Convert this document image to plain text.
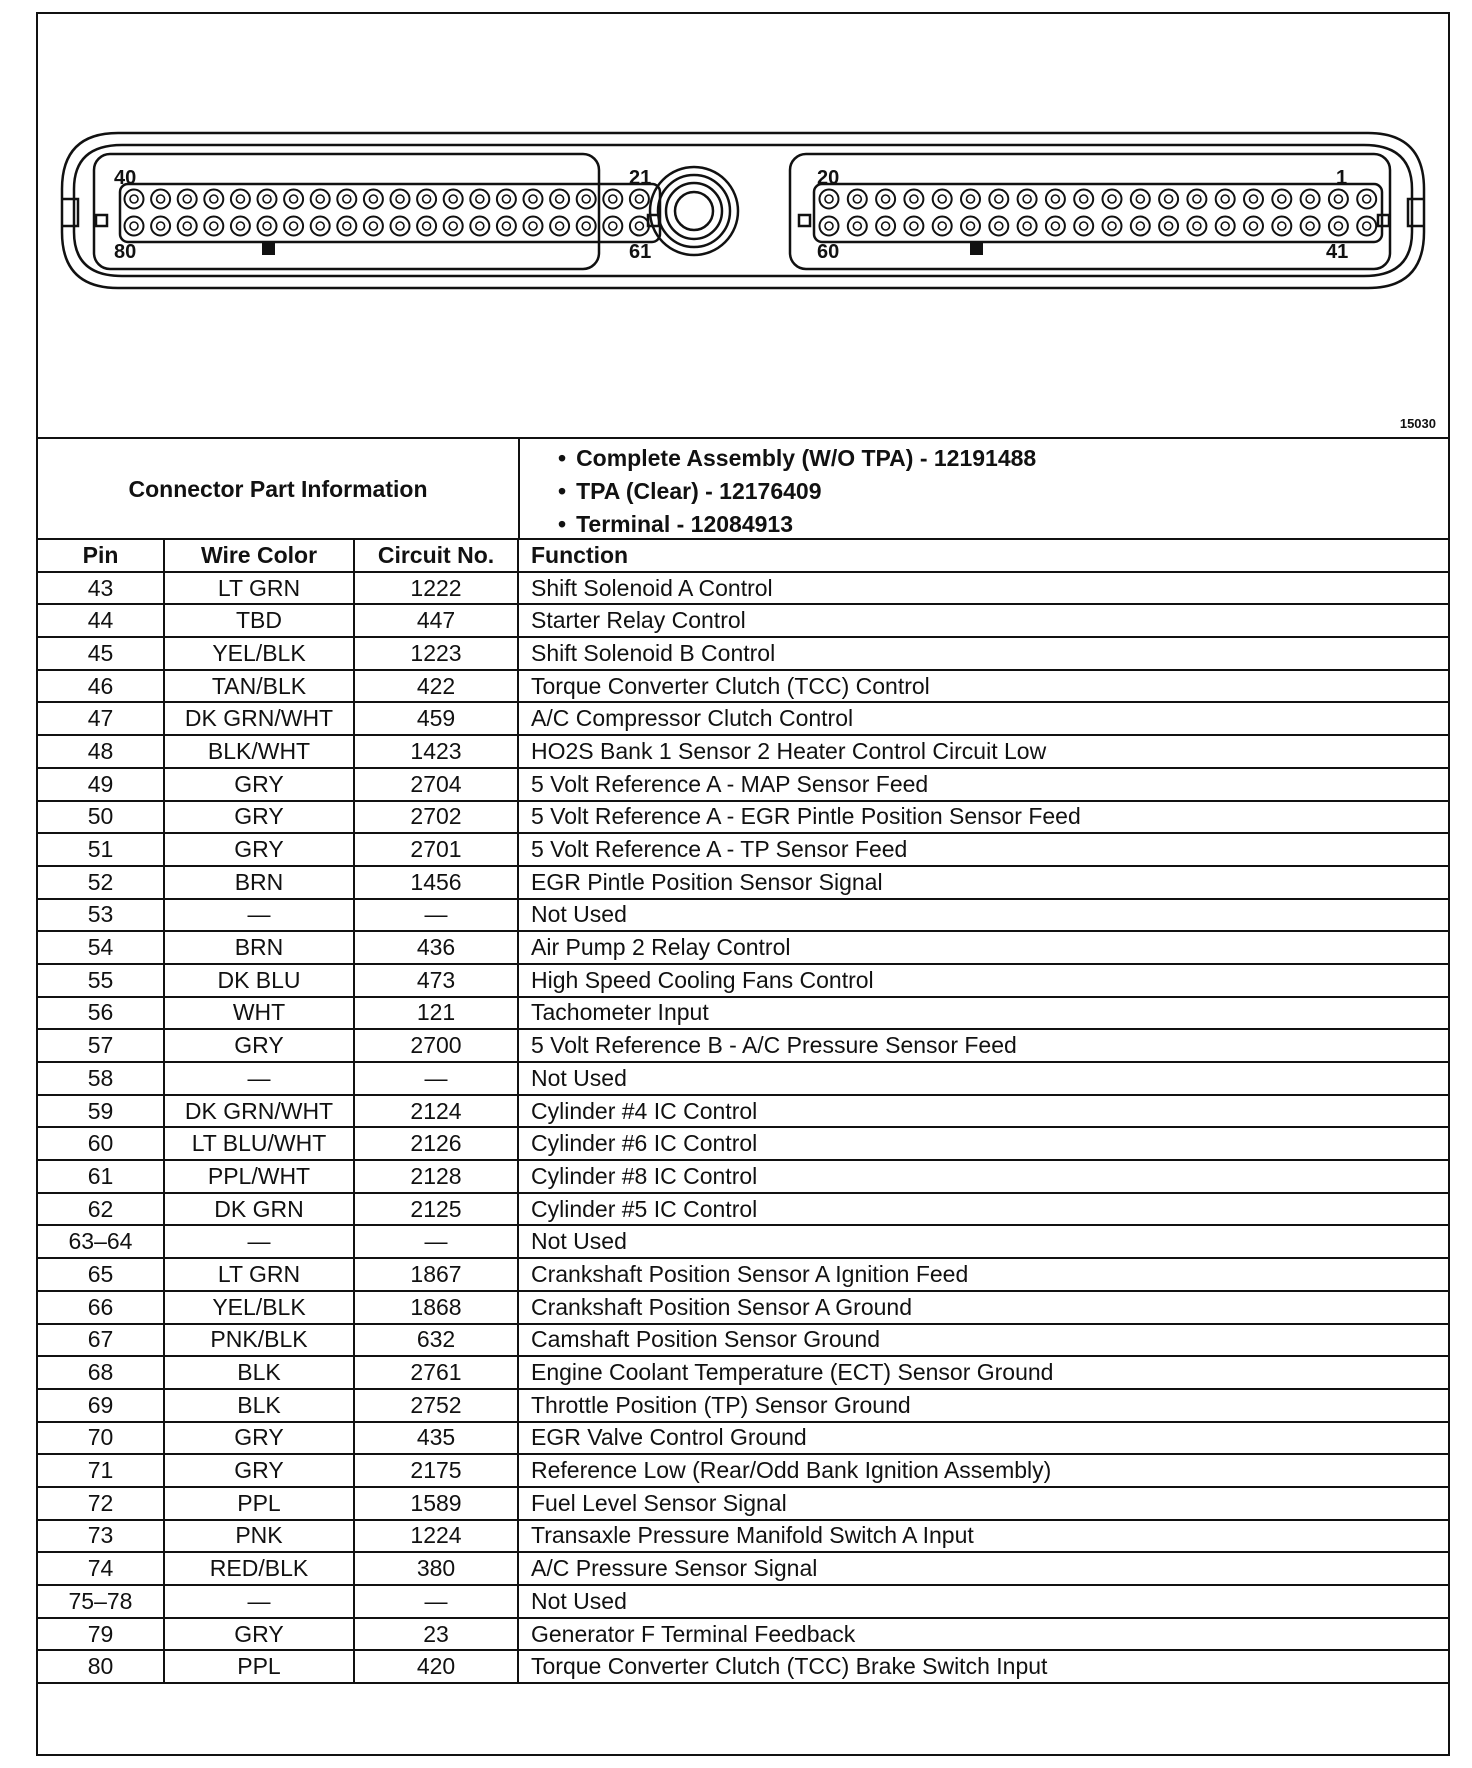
40	21
80	61
20	1
60	41
15030
Connector Part Information
• Complete Assembly (W/O TPA) - 12191488
• TPA (Clear) - 12176409
• Terminal - 12084913
Pin	Wire Color	Circuit No.	Function
43	LT GRN	1222	Shift Solenoid A Control
44	TBD	447	Starter Relay Control
45	YEL/BLK	1223	Shift Solenoid B Control
46	TAN/BLK	422	Torque Converter Clutch (TCC) Control
47	DK GRN/WHT	459	A/C Compressor Clutch Control
48	BLK/WHT	1423	HO2S Bank 1 Sensor 2 Heater Control Circuit Low
49	GRY	2704	5 Volt Reference A - MAP Sensor Feed
50	GRY	2702	5 Volt Reference A - EGR Pintle Position Sensor Feed
51	GRY	2701	5 Volt Reference A - TP Sensor Feed
52	BRN	1456	EGR Pintle Position Sensor Signal
53	—	—	Not Used
54	BRN	436	Air Pump 2 Relay Control
55	DK BLU	473	High Speed Cooling Fans Control
56	WHT	121	Tachometer Input
57	GRY	2700	5 Volt Reference B - A/C Pressure Sensor Feed
58	—	—	Not Used
59	DK GRN/WHT	2124	Cylinder #4 IC Control
60	LT BLU/WHT	2126	Cylinder #6 IC Control
61	PPL/WHT	2128	Cylinder #8 IC Control
62	DK GRN	2125	Cylinder #5 IC Control
63–64	—	—	Not Used
65	LT GRN	1867	Crankshaft Position Sensor A Ignition Feed
66	YEL/BLK	1868	Crankshaft Position Sensor A Ground
67	PNK/BLK	632	Camshaft Position Sensor Ground
68	BLK	2761	Engine Coolant Temperature (ECT) Sensor Ground
69	BLK	2752	Throttle Position (TP) Sensor Ground
70	GRY	435	EGR Valve Control Ground
71	GRY	2175	Reference Low (Rear/Odd Bank Ignition Assembly)
72	PPL	1589	Fuel Level Sensor Signal
73	PNK	1224	Transaxle Pressure Manifold Switch A Input
74	RED/BLK	380	A/C Pressure Sensor Signal
75–78	—	—	Not Used
79	GRY	23	Generator F Terminal Feedback
80	PPL	420	Torque Converter Clutch (TCC) Brake Switch Input
